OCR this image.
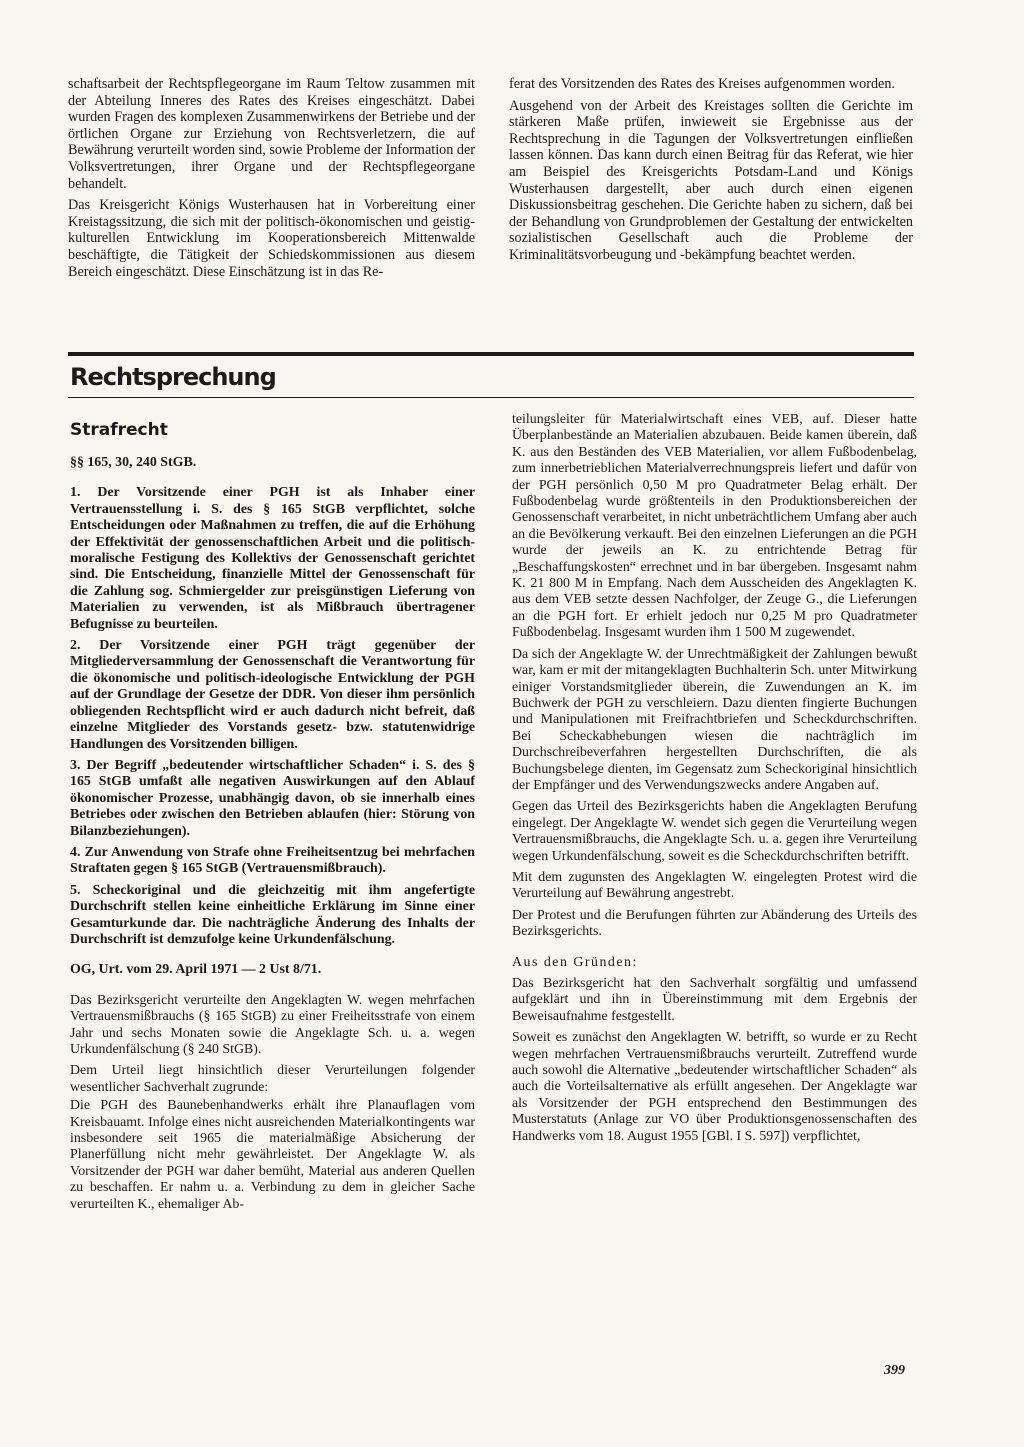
schaftsarbeit der Rechtspflegeorgane im Raum Teltow zusammen mit der Abteilung Inneres des Rates des Kreises eingeschätzt. Dabei wurden Fragen des komplexen Zusammenwirkens der Betriebe und der örtlichen Organe zur Erziehung von Rechtsverletzern, die auf Bewährung verurteilt worden sind, sowie Probleme der Information der Volksvertretungen, ihrer Organe und der Rechtspflegeorgane behandelt.

Das Kreisgericht Königs Wusterhausen hat in Vorbereitung einer Kreistagssitzung, die sich mit der politisch-ökonomischen und geistig-kulturellen Entwicklung im Kooperationsbereich Mittenwalde beschäftigte, die Tätigkeit der Schiedskommissionen aus diesem Bereich eingeschätzt. Diese Einschätzung ist in das Re-

ferat des Vorsitzenden des Rates des Kreises aufgenommen worden.

Ausgehend von der Arbeit des Kreistages sollten die Gerichte im stärkeren Maße prüfen, inwieweit sie Ergebnisse aus der Rechtsprechung in die Tagungen der Volksvertretungen einfließen lassen können. Das kann durch einen Beitrag für das Referat, wie hier am Beispiel des Kreisgerichts Potsdam-Land und Königs Wusterhausen dargestellt, aber auch durch einen eigenen Diskussionsbeitrag geschehen. Die Gerichte haben zu sichern, daß bei der Behandlung von Grundproblemen der Gestaltung der entwickelten sozialistischen Gesellschaft auch die Probleme der Kriminalitätsvorbeugung und -bekämpfung beachtet werden.

Rechtsprechung
Strafrecht

§§ 165, 30, 240 StGB.

1. Der Vorsitzende einer PGH ist als Inhaber einer Vertrauensstellung i. S. des § 165 StGB verpflichtet, solche Entscheidungen oder Maßnahmen zu treffen, die auf die Erhöhung der Effektivität der genossenschaftlichen Arbeit und die politisch-moralische Festigung des Kollektivs der Genossenschaft gerichtet sind. Die Entscheidung, finanzielle Mittel der Genossenschaft für die Zahlung sog. Schmiergelder zur preisgünstigen Lieferung von Materialien zu verwenden, ist als Mißbrauch übertragener Befugnisse zu beurteilen.

2. Der Vorsitzende einer PGH trägt gegenüber der Mitgliederversammlung der Genossenschaft die Verantwortung für die ökonomische und politisch-ideologische Entwicklung der PGH auf der Grundlage der Gesetze der DDR. Von dieser ihm persönlich obliegenden Rechtspflicht wird er auch dadurch nicht befreit, daß einzelne Mitglieder des Vorstands gesetz- bzw. statutenwidrige Handlungen des Vorsitzenden billigen.

3. Der Begriff „bedeutender wirtschaftlicher Schaden“ i. S. des § 165 StGB umfaßt alle negativen Auswirkungen auf den Ablauf ökonomischer Prozesse, unabhängig davon, ob sie innerhalb eines Betriebes oder zwischen den Betrieben ablaufen (hier: Störung von Bilanzbeziehungen).

4. Zur Anwendung von Strafe ohne Freiheitsentzug bei mehrfachen Straftaten gegen § 165 StGB (Vertrauensmißbrauch).

5. Scheckoriginal und die gleichzeitig mit ihm angefertigte Durchschrift stellen keine einheitliche Erklärung im Sinne einer Gesamturkunde dar. Die nachträgliche Änderung des Inhalts der Durchschrift ist demzufolge keine Urkundenfälschung.

OG, Urt. vom 29. April 1971 — 2 Ust 8/71.

Das Bezirksgericht verurteilte den Angeklagten W. wegen mehrfachen Vertrauensmißbrauchs (§ 165 StGB) zu einer Freiheitsstrafe von einem Jahr und sechs Monaten sowie die Angeklagte Sch. u. a. wegen Urkundenfälschung (§ 240 StGB).

Dem Urteil liegt hinsichtlich dieser Verurteilungen folgender wesentlicher Sachverhalt zugrunde:

Die PGH des Baunebenhandwerks erhält ihre Planauflagen vom Kreisbauamt. Infolge eines nicht ausreichenden Materialkontingents war insbesondere seit 1965 die materialmäßige Absicherung der Planerfüllung nicht mehr gewährleistet. Der Angeklagte W. als Vorsitzender der PGH war daher bemüht, Material aus anderen Quellen zu beschaffen. Er nahm u. a. Verbindung zu dem in gleicher Sache verurteilten K., ehemaliger Ab-

teilungsleiter für Materialwirtschaft eines VEB, auf. Dieser hatte Überplanbestände an Materialien abzubauen. Beide kamen überein, daß K. aus den Beständen des VEB Materialien, vor allem Fußbodenbelag, zum innerbetrieblichen Materialverrechnungspreis liefert und dafür von der PGH persönlich 0,50 M pro Quadratmeter Belag erhält. Der Fußbodenbelag wurde größtenteils in den Produktionsbereichen der Genossenschaft verarbeitet, in nicht unbeträchtlichem Umfang aber auch an die Bevölkerung verkauft. Bei den einzelnen Lieferungen an die PGH wurde der jeweils an K. zu entrichtende Betrag für „Beschaffungskosten“ errechnet und in bar übergeben. Insgesamt nahm K. 21 800 M in Empfang. Nach dem Ausscheiden des Angeklagten K. aus dem VEB setzte dessen Nachfolger, der Zeuge G., die Lieferungen an die PGH fort. Er erhielt jedoch nur 0,25 M pro Quadratmeter Fußbodenbelag. Insgesamt wurden ihm 1 500 M zugewendet.

Da sich der Angeklagte W. der Unrechtmäßigkeit der Zahlungen bewußt war, kam er mit der mitangeklagten Buchhalterin Sch. unter Mitwirkung einiger Vorstandsmitglieder überein, die Zuwendungen an K. im Buchwerk der PGH zu verschleiern. Dazu dienten fingierte Buchungen und Manipulationen mit Freifrachtbriefen und Scheckdurchschriften. Bei Scheckabhebungen wiesen die nachträglich im Durchschreibeverfahren hergestellten Durchschriften, die als Buchungsbelege dienten, im Gegensatz zum Scheckoriginal hinsichtlich der Empfänger und des Verwendungszwecks andere Angaben auf.

Gegen das Urteil des Bezirksgerichts haben die Angeklagten Berufung eingelegt. Der Angeklagte W. wendet sich gegen die Verurteilung wegen Vertrauensmißbrauchs, die Angeklagte Sch. u. a. gegen ihre Verurteilung wegen Urkundenfälschung, soweit es die Scheckdurchschriften betrifft.

Mit dem zugunsten des Angeklagten W. eingelegten Protest wird die Verurteilung auf Bewährung angestrebt.

Der Protest und die Berufungen führten zur Abänderung des Urteils des Bezirksgerichts.

Aus den Gründen:

Das Bezirksgericht hat den Sachverhalt sorgfältig und umfassend aufgeklärt und ihn in Übereinstimmung mit dem Ergebnis der Beweisaufnahme festgestellt.

Soweit es zunächst den Angeklagten W. betrifft, so wurde er zu Recht wegen mehrfachen Vertrauensmißbrauchs verurteilt. Zutreffend wurde auch sowohl die Alternative „bedeutender wirtschaftlicher Schaden“ als auch die Vorteilsalternative als erfüllt angesehen. Der Angeklagte war als Vorsitzender der PGH entsprechend den Bestimmungen des Musterstatuts (Anlage zur VO über Produktionsgenossenschaften des Handwerks vom 18. August 1955 [GBl. I S. 597]) verpflichtet,

399
